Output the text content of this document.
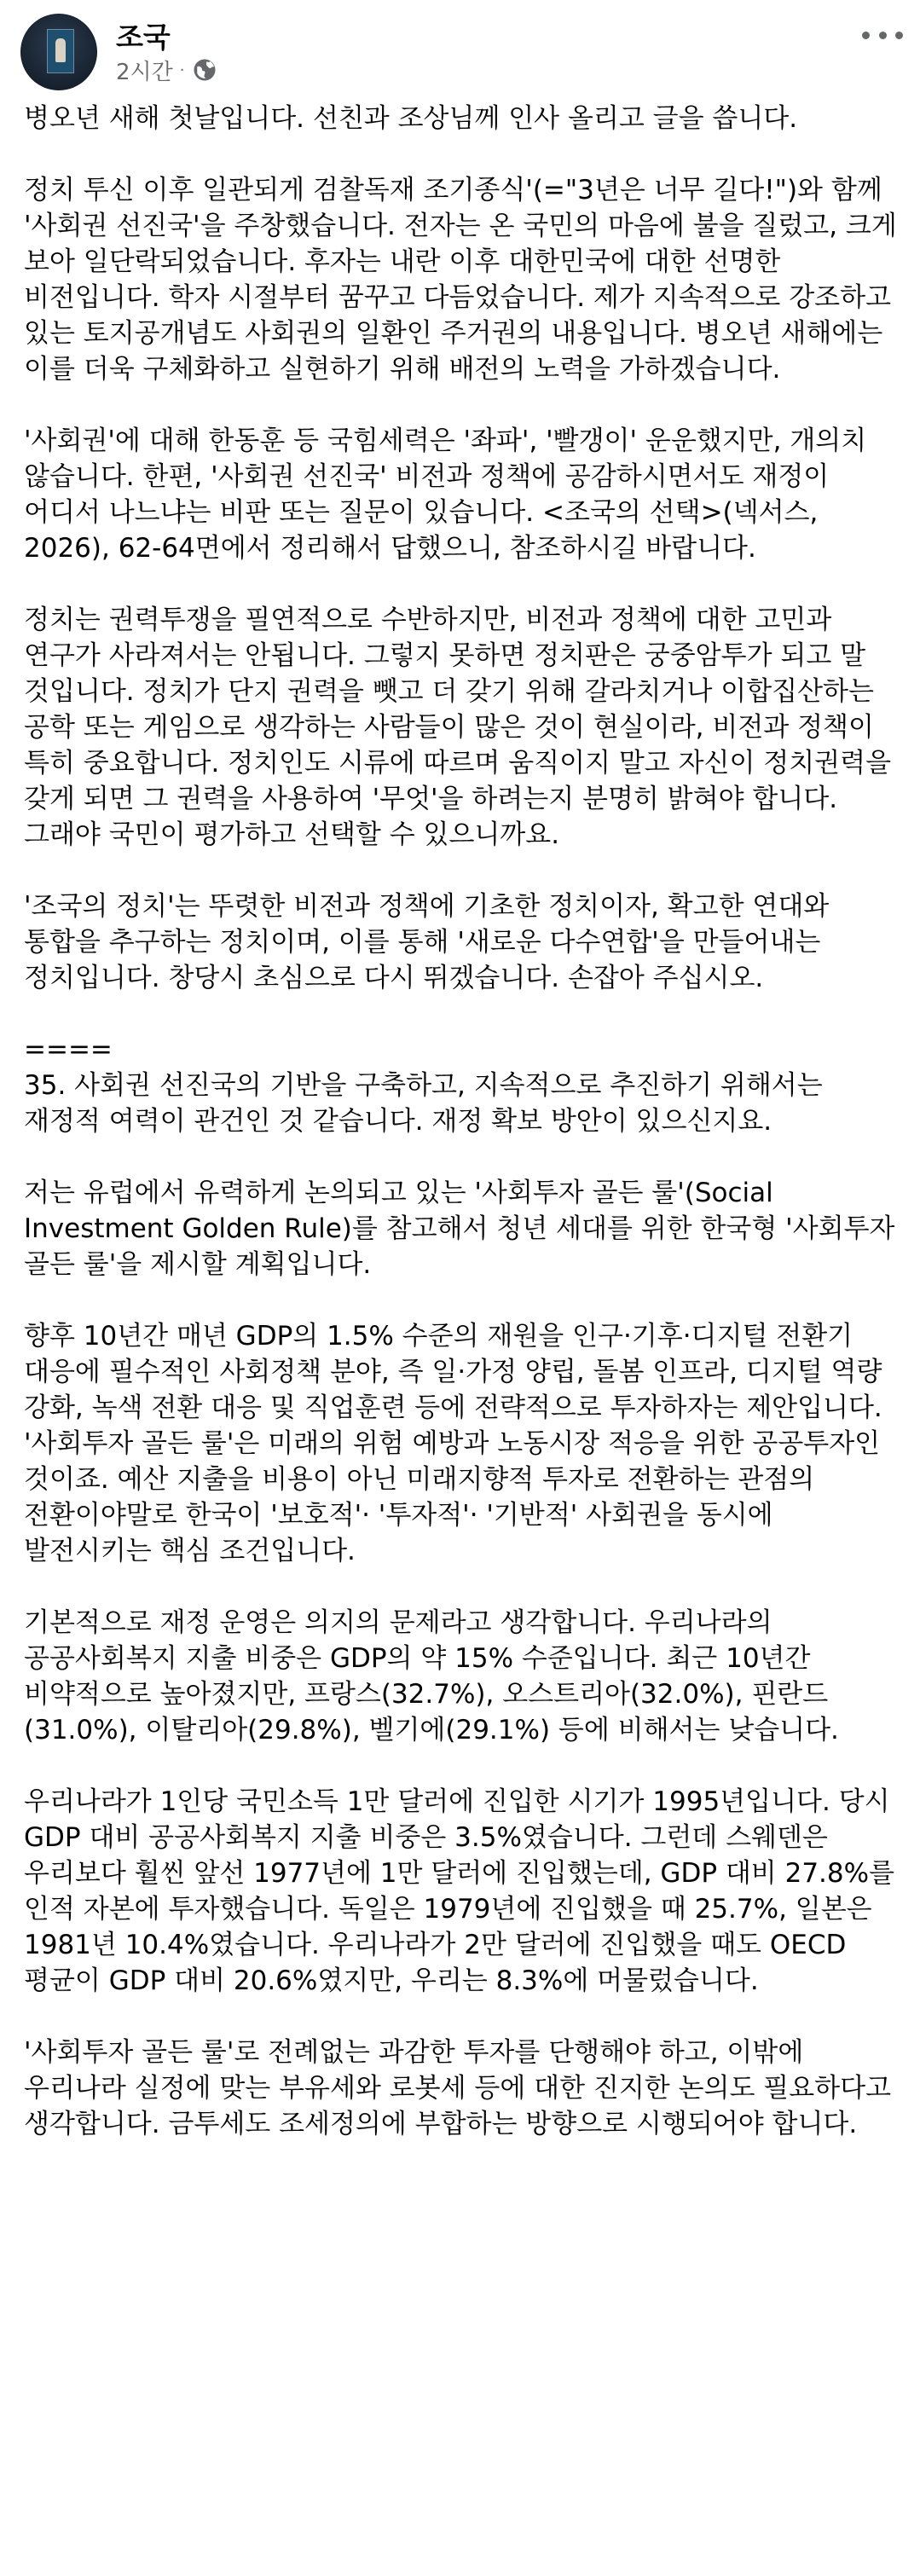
조국
2시간 ·

병오년 새해 첫날입니다. 선친과 조상님께 인사 올리고 글을 씁니다.

정치 투신 이후 일관되게 검찰독재 조기종식'(="3년은 너무 길다!")와 함께 '사회권 선진국'을 주창했습니다. 전자는 온 국민의 마음에 불을 질렀고, 크게 보아 일단락되었습니다. 후자는 내란 이후 대한민국에 대한 선명한 비전입니다. 학자 시절부터 꿈꾸고 다듬었습니다. 제가 지속적으로 강조하고 있는 토지공개념도 사회권의 일환인 주거권의 내용입니다. 병오년 새해에는 이를 더욱 구체화하고 실현하기 위해 배전의 노력을 가하겠습니다.

'사회권'에 대해 한동훈 등 국힘세력은 '좌파', '빨갱이' 운운했지만, 개의치 않습니다. 한편, '사회권 선진국' 비전과 정책에 공감하시면서도 재정이 어디서 나느냐는 비판 또는 질문이 있습니다. <조국의 선택>(넥서스, 2026), 62-64면에서 정리해서 답했으니, 참조하시길 바랍니다.

정치는 권력투쟁을 필연적으로 수반하지만, 비전과 정책에 대한 고민과 연구가 사라져서는 안됩니다. 그렇지 못하면 정치판은 궁중암투가 되고 말 것입니다. 정치가 단지 권력을 뺏고 더 갖기 위해 갈라치거나 이합집산하는 공학 또는 게임으로 생각하는 사람들이 많은 것이 현실이라, 비전과 정책이 특히 중요합니다. 정치인도 시류에 따르며 움직이지 말고 자신이 정치권력을 갖게 되면 그 권력을 사용하여 '무엇'을 하려는지 분명히 밝혀야 합니다. 그래야 국민이 평가하고 선택할 수 있으니까요.

'조국의 정치'는 뚜렷한 비전과 정책에 기초한 정치이자, 확고한 연대와 통합을 추구하는 정치이며, 이를 통해 '새로운 다수연합'을 만들어내는 정치입니다. 창당시 초심으로 다시 뛰겠습니다. 손잡아 주십시오.

====
35. 사회권 선진국의 기반을 구축하고, 지속적으로 추진하기 위해서는 재정적 여력이 관건인 것 같습니다. 재정 확보 방안이 있으신지요.

저는 유럽에서 유력하게 논의되고 있는 '사회투자 골든 룰'(Social Investment Golden Rule)를 참고해서 청년 세대를 위한 한국형 '사회투자 골든 룰'을 제시할 계획입니다.

향후 10년간 매년 GDP의 1.5% 수준의 재원을 인구·기후·디지털 전환기 대응에 필수적인 사회정책 분야, 즉 일·가정 양립, 돌봄 인프라, 디지털 역량 강화, 녹색 전환 대응 및 직업훈련 등에 전략적으로 투자하자는 제안입니다. '사회투자 골든 룰'은 미래의 위험 예방과 노동시장 적응을 위한 공공투자인 것이죠. 예산 지출을 비용이 아닌 미래지향적 투자로 전환하는 관점의 전환이야말로 한국이 '보호적'· '투자적'· '기반적' 사회권을 동시에 발전시키는 핵심 조건입니다.

기본적으로 재정 운영은 의지의 문제라고 생각합니다. 우리나라의 공공사회복지 지출 비중은 GDP의 약 15% 수준입니다. 최근 10년간 비약적으로 높아졌지만, 프랑스(32.7%), 오스트리아(32.0%), 핀란드(31.0%), 이탈리아(29.8%), 벨기에(29.1%) 등에 비해서는 낮습니다.

우리나라가 1인당 국민소득 1만 달러에 진입한 시기가 1995년입니다. 당시 GDP 대비 공공사회복지 지출 비중은 3.5%였습니다. 그런데 스웨덴은 우리보다 훨씬 앞선 1977년에 1만 달러에 진입했는데, GDP 대비 27.8%를 인적 자본에 투자했습니다. 독일은 1979년에 진입했을 때 25.7%, 일본은 1981년 10.4%였습니다. 우리나라가 2만 달러에 진입했을 때도 OECD 평균이 GDP 대비 20.6%였지만, 우리는 8.3%에 머물렀습니다.

'사회투자 골든 룰'로 전례없는 과감한 투자를 단행해야 하고, 이밖에 우리나라 실정에 맞는 부유세와 로봇세 등에 대한 진지한 논의도 필요하다고 생각합니다. 금투세도 조세정의에 부합하는 방향으로 시행되어야 합니다.
